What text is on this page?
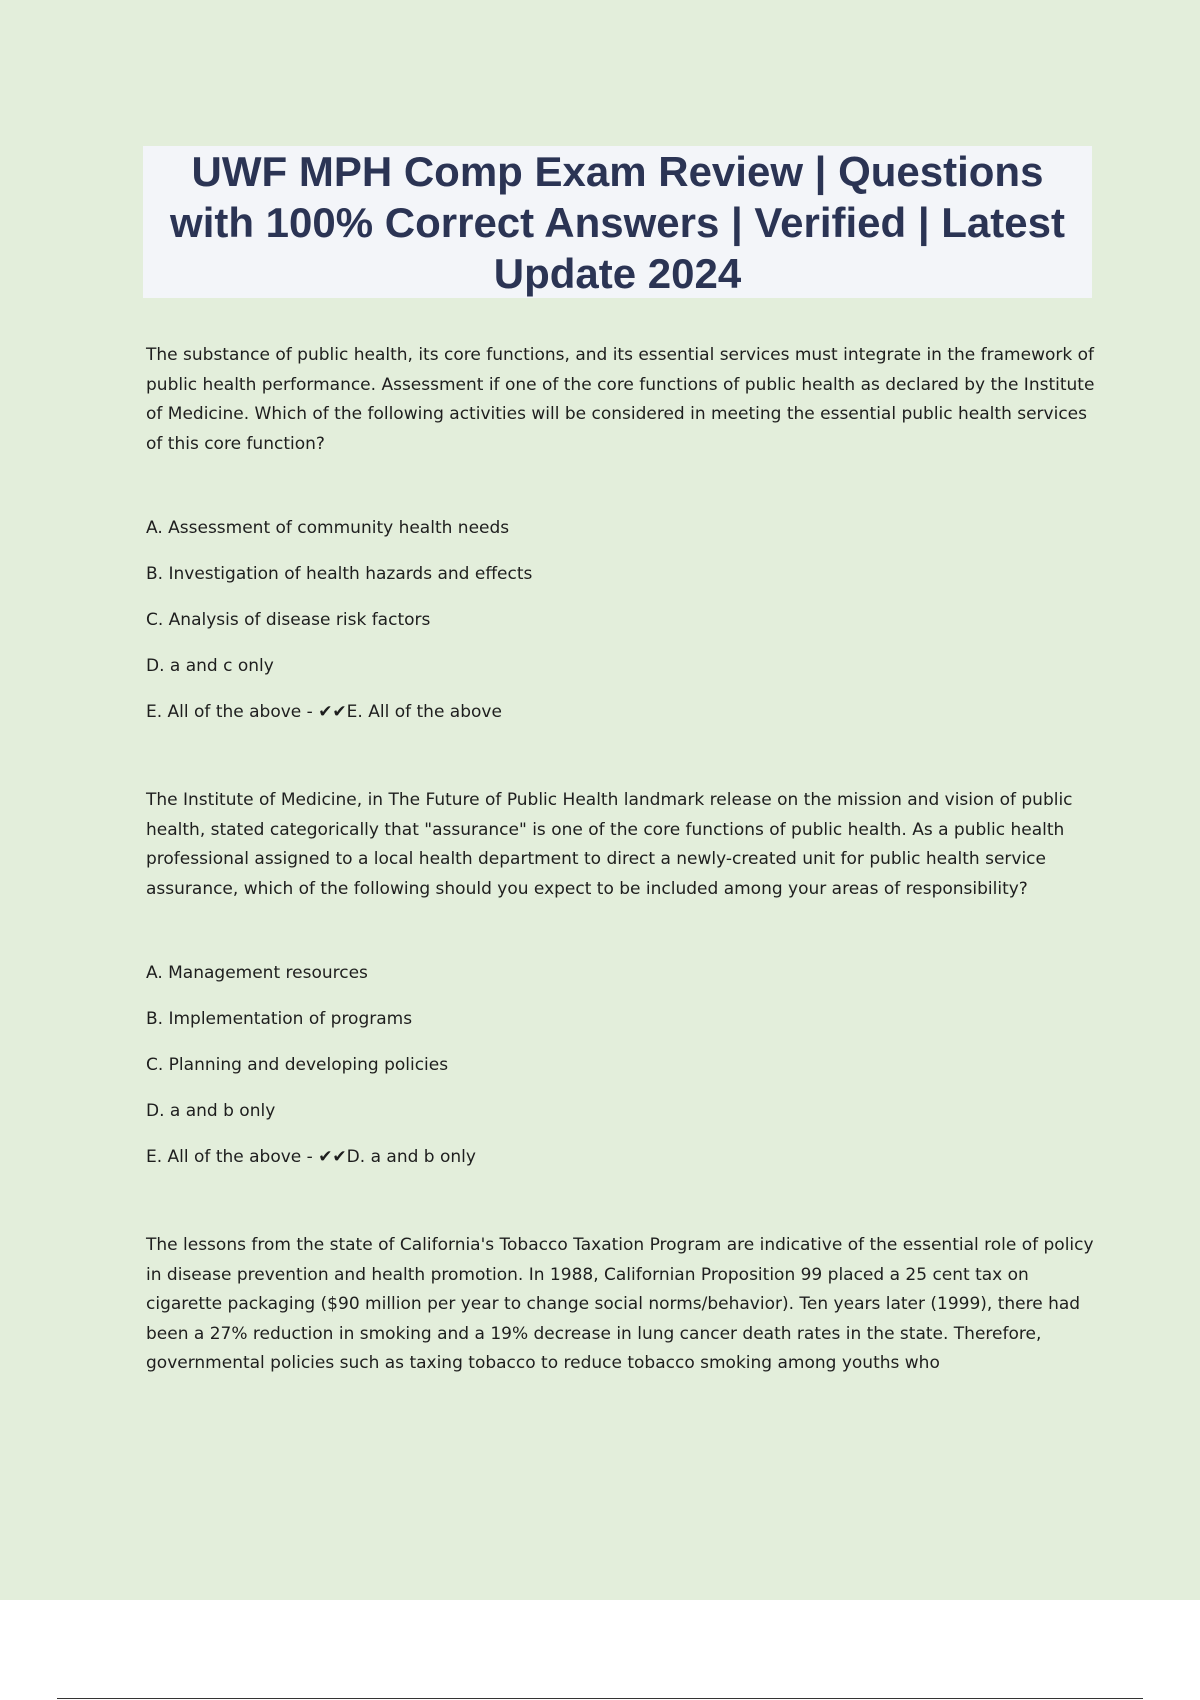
UWF MPH Comp Exam Review | Questions with 100% Correct Answers | Verified | Latest Update 2024

The substance of public health, its core functions, and its essential services must integrate in the framework of public health performance. Assessment if one of the core functions of public health as declared by the Institute of Medicine. Which of the following activities will be considered in meeting the essential public health services of this core function?

A. Assessment of community health needs
B. Investigation of health hazards and effects
C. Analysis of disease risk factors
D. a and c only
E. All of the above - ✔✔E. All of the above

The Institute of Medicine, in The Future of Public Health landmark release on the mission and vision of public health, stated categorically that "assurance" is one of the core functions of public health. As a public health professional assigned to a local health department to direct a newly-created unit for public health service assurance, which of the following should you expect to be included among your areas of responsibility?

A. Management resources
B. Implementation of programs
C. Planning and developing policies
D. a and b only
E. All of the above - ✔✔D. a and b only

The lessons from the state of California's Tobacco Taxation Program are indicative of the essential role of policy in disease prevention and health promotion. In 1988, Californian Proposition 99 placed a 25 cent tax on cigarette packaging ($90 million per year to change social norms/behavior). Ten years later (1999), there had been a 27% reduction in smoking and a 19% decrease in lung cancer death rates in the state. Therefore, governmental policies such as taxing tobacco to reduce tobacco smoking among youths who
